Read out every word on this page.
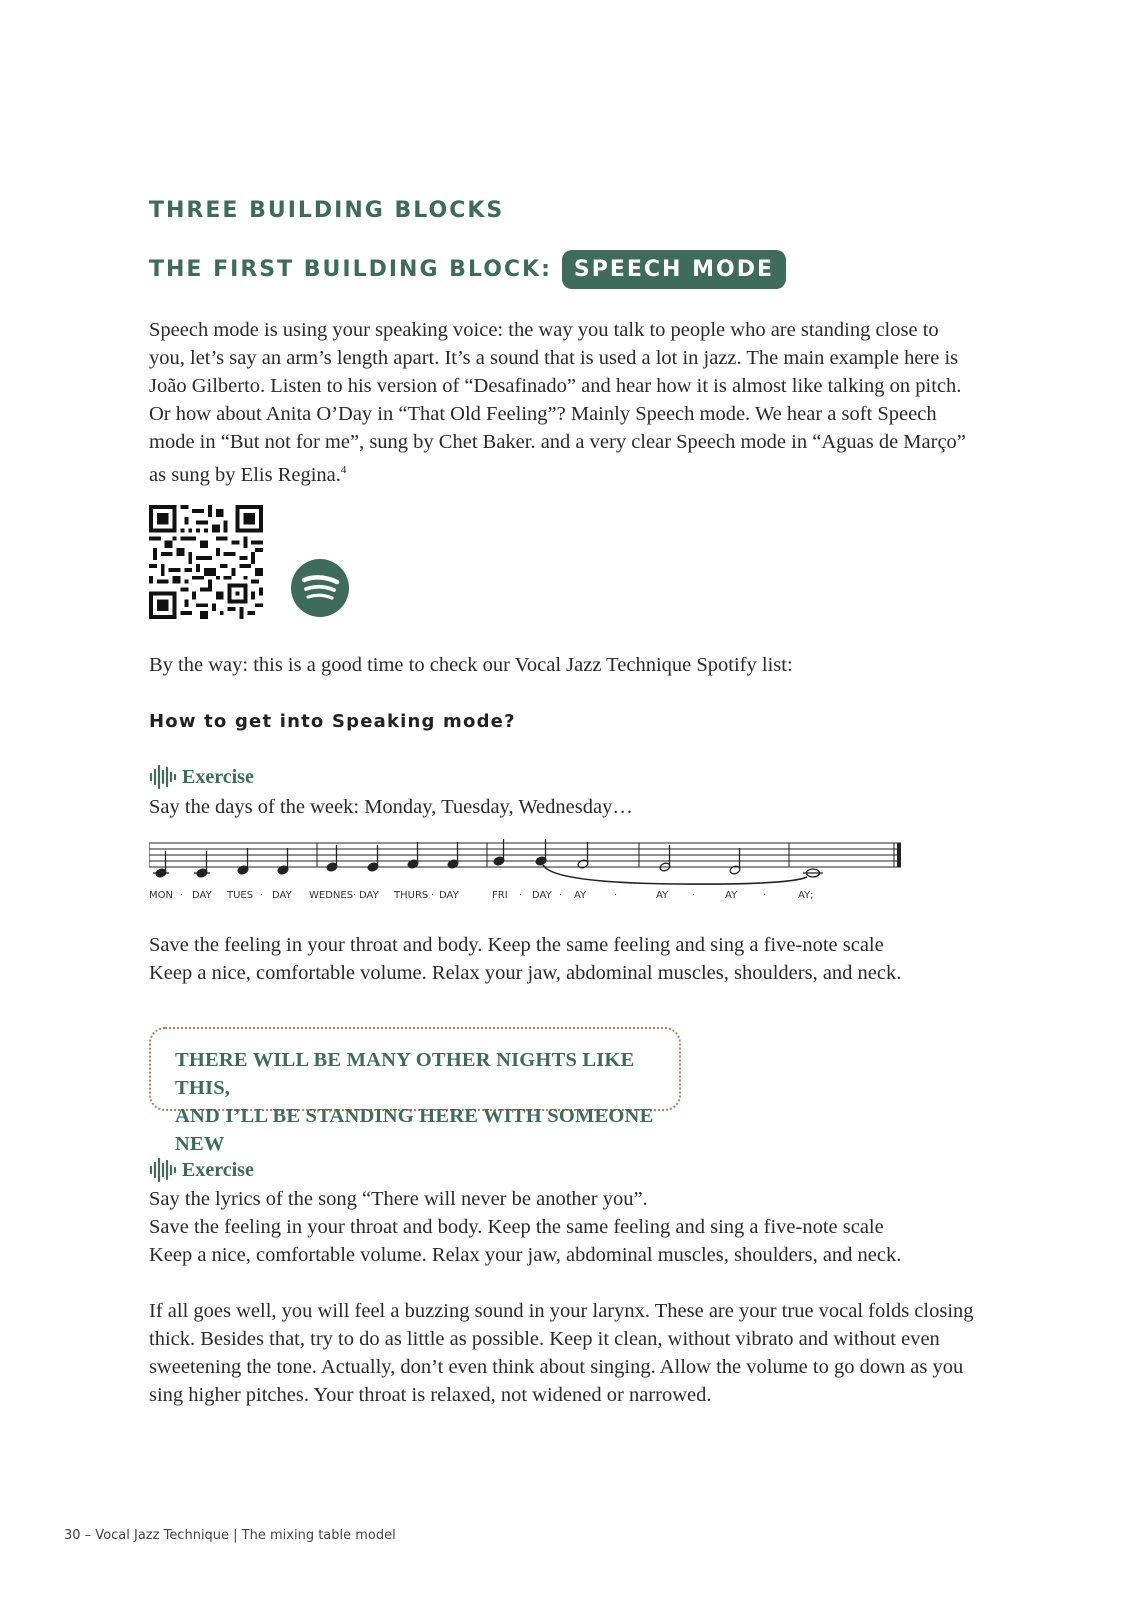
THREE BUILDING BLOCKS
THE FIRST BUILDING BLOCK:	SPEECH MODE
Speech mode is using your speaking voice: the way you talk to people who are standing close to you, let’s say an arm’s length apart. It’s a sound that is used a lot in jazz. The main example here is João Gilberto. Listen to his version of “Desafinado” and hear how it is almost like talking on pitch. Or how about Anita O’Day in “That Old Feeling”? Mainly Speech mode. We hear a soft Speech mode in “But not for me”, sung by Chet Baker. and a very clear Speech mode in “Aguas de Março” as sung by Elis Regina.$^4$
By the way: this is a good time to check our Vocal Jazz Technique Spotify list:
How to get into Speaking mode?
Exercise
Say the days of the week: Monday, Tuesday, Wednesday…
MON · DAY TUES · DAY WEDNES · DAY THURS · DAY	FRI · DAY · AY	·	AY ·	AY	·	AY;
Save the feeling in your throat and body. Keep the same feeling and sing a five-note scale
Keep a nice, comfortable volume. Relax your jaw, abdominal muscles, shoulders, and neck.
THERE WILL BE MANY OTHER NIGHTS LIKE THIS,
AND I’LL BE STANDING HERE WITH SOMEONE NEW
Exercise
Say the lyrics of the song “There will never be another you”.
Save the feeling in your throat and body. Keep the same feeling and sing a five-note scale
Keep a nice, comfortable volume. Relax your jaw, abdominal muscles, shoulders, and neck.
If all goes well, you will feel a buzzing sound in your larynx. These are your true vocal folds closing thick. Besides that, try to do as little as possible. Keep it clean, without vibrato and without even sweetening the tone. Actually, don’t even think about singing. Allow the volume to go down as you sing higher pitches. Your throat is relaxed, not widened or narrowed.
30 – Vocal Jazz Technique | The mixing table model
